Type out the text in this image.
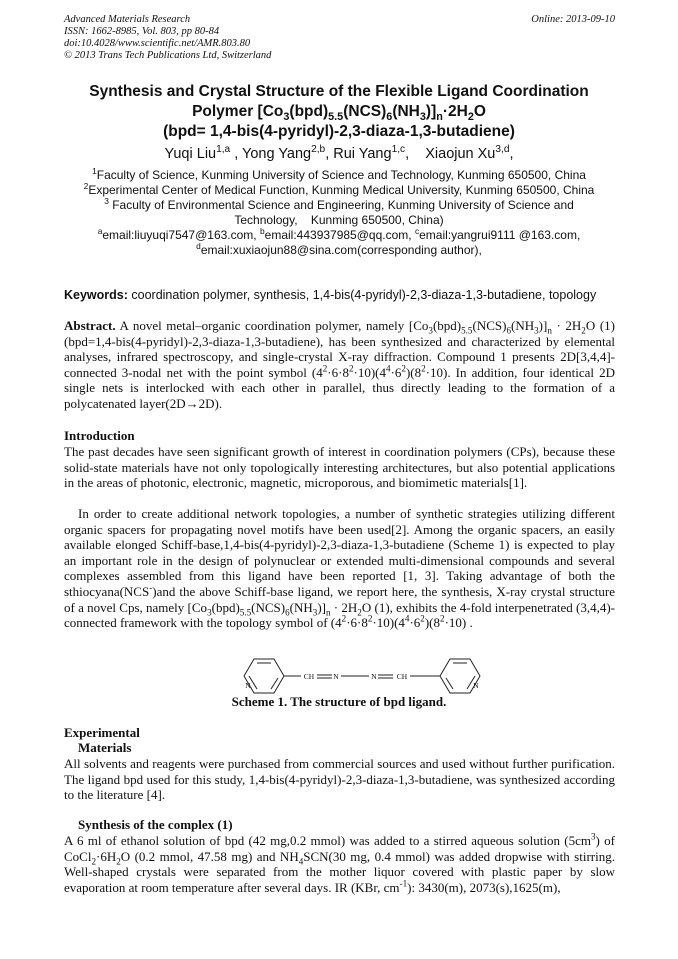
Advanced Materials Research
ISSN: 1662-8985, Vol. 803, pp 80-84
doi:10.4028/www.scientific.net/AMR.803.80
© 2013 Trans Tech Publications Ltd, Switzerland
Online: 2013-09-10
Synthesis and Crystal Structure of the Flexible Ligand Coordination
Polymer $[Co_3(bpd)_{5.5}(NCS)_6(NH_3)]_n\cdot 2H_2O$
(bpd= 1,4-bis(4-pyridyl)-2,3-diaza-1,3-butadiene)
Yuqi Liu$^{1,a}$ , Yong Yang$^{2,b}$, Rui Yang$^{1,c}$,    Xiaojun Xu$^{3,d}$,
$^1$Faculty of Science, Kunming University of Science and Technology, Kunming 650500, China
$^2$Experimental Center of Medical Function, Kunming Medical University, Kunming 650500, China
$^3$ Faculty of Environmental Science and Engineering, Kunming University of Science and
Technology,    Kunming 650500, China)
$^a$email:liuyuqi7547@163.com, $^b$email:443937985@qq.com, $^c$email:yangrui9111 @163.com,
$^d$email:xuxiaojun88@sina.com(corresponding author),
Keywords: coordination polymer, synthesis, 1,4-bis(4-pyridyl)-2,3-diaza-1,3-butadiene, topology
Abstract. A novel metal–organic coordination polymer, namely $[Co_3(bpd)_{5.5}(NCS)_6(NH_3)]_n \cdot 2H_2O$ (1) (bpd=1,4-bis(4-pyridyl)-2,3-diaza-1,3-butadiene), has been synthesized and characterized by elemental analyses, infrared spectroscopy, and single-crystal X-ray diffraction. Compound 1 presents 2D[3,4,4]-connected 3-nodal net with the point symbol $(4^2\cdot 6\cdot 8^2\cdot 10)(4^4\cdot 6^2)(8^2\cdot 10)$. In addition, four identical 2D single nets is interlocked with each other in parallel, thus directly leading to the formation of a polycatenated layer(2D→2D).
Introduction
The past decades have seen significant growth of interest in coordination polymers (CPs), because these solid-state materials have not only topologically interesting architectures, but also potential applications in the areas of photonic, electronic, magnetic, microporous, and biomimetic materials[1].
In order to create additional network topologies, a number of synthetic strategies utilizing different organic spacers for propagating novel motifs have been used[2]. Among the organic spacers, an easily available elonged Schiff-base,1,4-bis(4-pyridyl)-2,3-diaza-1,3-butadiene (Scheme 1) is expected to play an important role in the design of polynuclear or extended multi-dimensional compounds and several complexes assembled from this ligand have been reported [1, 3]. Taking advantage of both the sthiocyana(NCS-)and the above Schiff-base ligand, we report here, the synthesis, X-ray crystal structure of a novel Cps, namely $[Co_3(bpd)_{5.5}(NCS)_6(NH_3)]_n \cdot 2H_2O$ (1), exhibits the 4-fold interpenetrated (3,4,4)-connected framework with the topology symbol of $(4^2\cdot 6\cdot 8^2\cdot 10)(4^4\cdot 6^2)(8^2\cdot 10)$ .
N
CH	N	N	CH
N
Scheme 1. The structure of bpd ligand.
Experimental
Materials
All solvents and reagents were purchased from commercial sources and used without further purification. The ligand bpd used for this study, 1,4-bis(4-pyridyl)-2,3-diaza-1,3-butadiene, was synthesized according to the literature [4].
Synthesis of the complex (1)
A 6 ml of ethanol solution of bpd (42 mg,0.2 mmol) was added to a stirred aqueous solution $(5cm^3)$ of $CoCl_2\cdot 6H_2O$ (0.2 mmol, 47.58 mg) and $NH_4SCN(30$ mg, 0.4 mmol) was added dropwise with stirring. Well-shaped crystals were separated from the mother liquor covered with plastic paper by slow evaporation at room temperature after several days. IR (KBr, $cm^{-1}$): 3430(m), 2073(s),1625(m),
